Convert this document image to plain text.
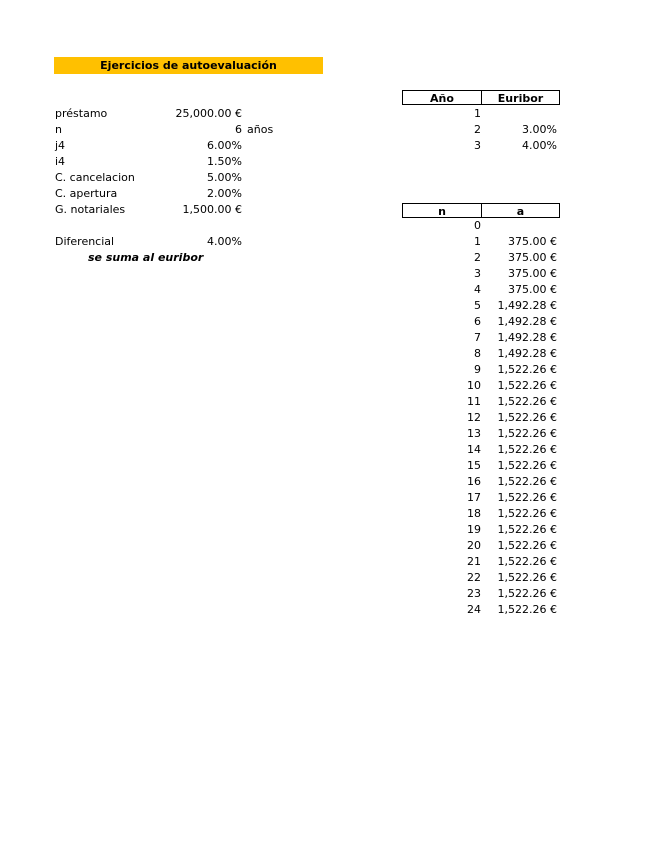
Ejercicios de autoevaluación
préstamo	25,000.00 €
n	6 años
j4	6.00%
i4	1.50%
C. cancelacion	5.00%
C. apertura	2.00%
G. notariales	1,500.00 €
Diferencial	4.00%
se suma al euribor
Año	Euribor
1
2	3.00%
3	4.00%
n	a
0
1	375.00 €
2	375.00 €
3	375.00 €
4	375.00 €
5	1,492.28 €
6	1,492.28 €
7	1,492.28 €
8	1,492.28 €
9	1,522.26 €
10	1,522.26 €
11	1,522.26 €
12	1,522.26 €
13	1,522.26 €
14	1,522.26 €
15	1,522.26 €
16	1,522.26 €
17	1,522.26 €
18	1,522.26 €
19	1,522.26 €
20	1,522.26 €
21	1,522.26 €
22	1,522.26 €
23	1,522.26 €
24	1,522.26 €
